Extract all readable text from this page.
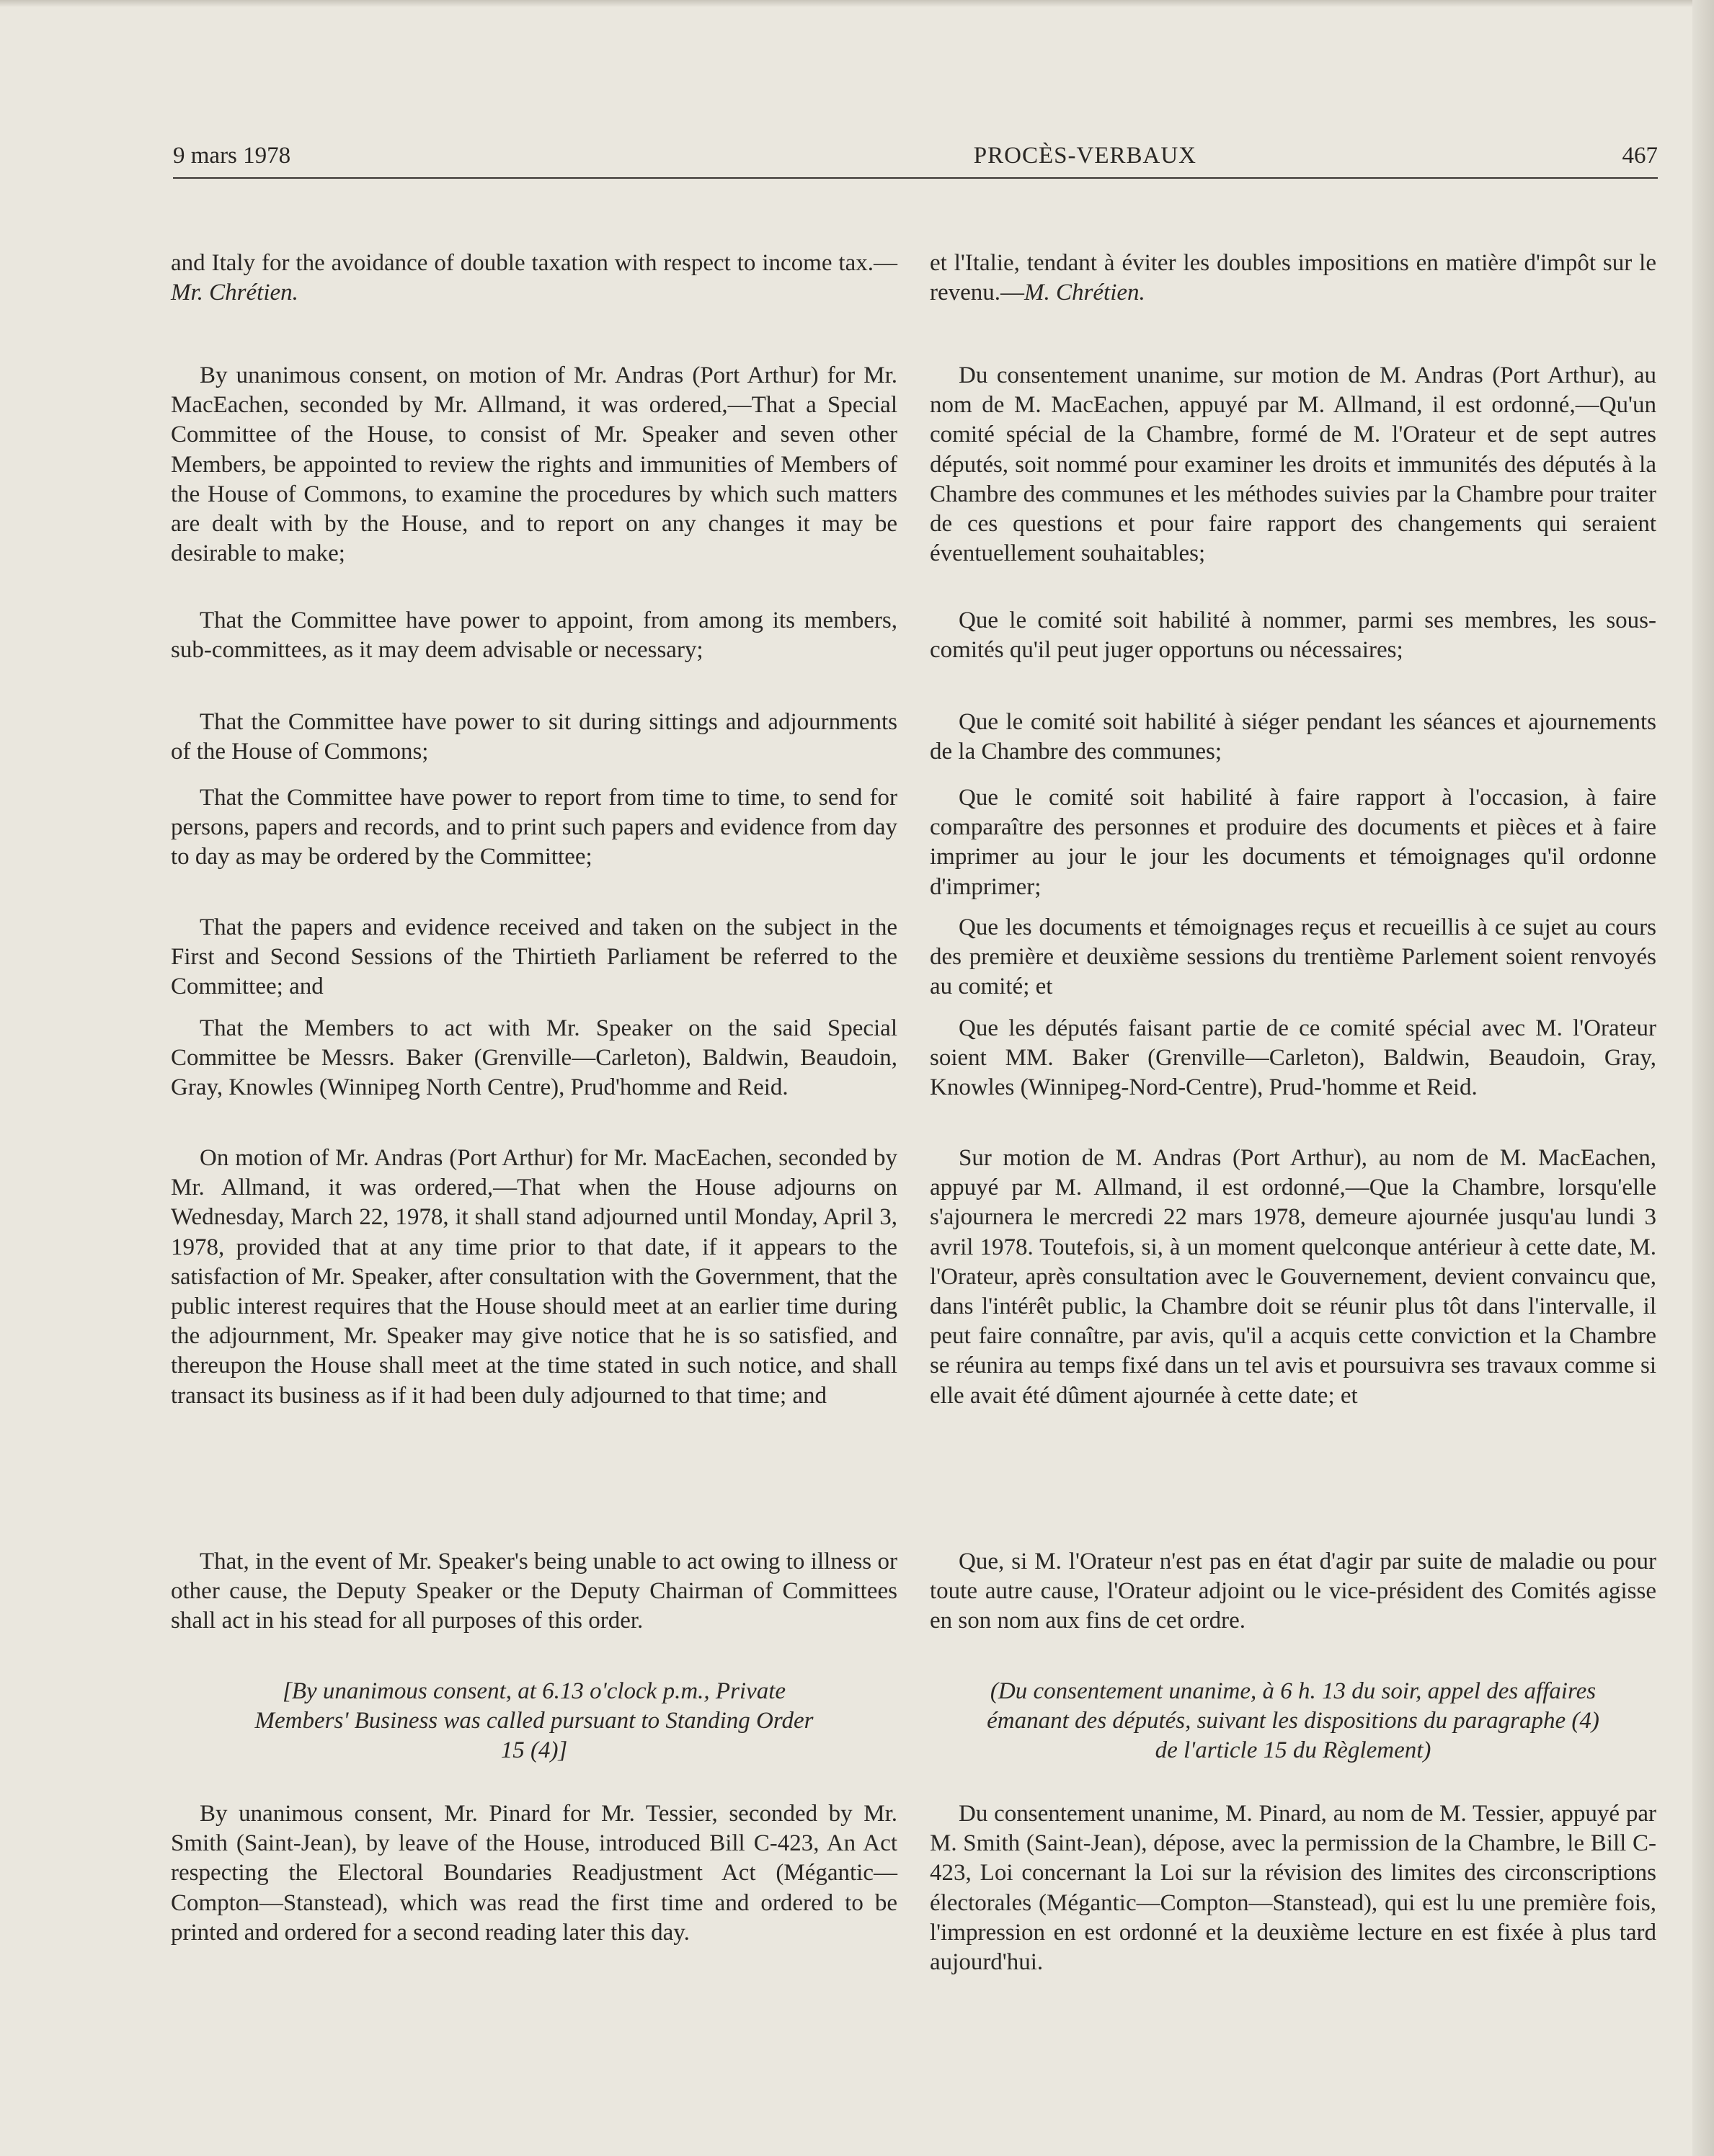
9 mars 1978	PROCÈS-VERBAUX	467

and Italy for the avoidance of double taxation with respect to income tax.—Mr. Chrétien.

By unanimous consent, on motion of Mr. Andras (Port Arthur) for Mr. MacEachen, seconded by Mr. Allmand, it was ordered,—That a Special Committee of the House, to consist of Mr. Speaker and seven other Members, be appointed to review the rights and immunities of Members of the House of Commons, to examine the procedures by which such matters are dealt with by the House, and to report on any changes it may be desirable to make;

That the Committee have power to appoint, from among its members, sub-committees, as it may deem advisable or necessary;

That the Committee have power to sit during sittings and adjournments of the House of Commons;

That the Committee have power to report from time to time, to send for persons, papers and records, and to print such papers and evidence from day to day as may be ordered by the Committee;

That the papers and evidence received and taken on the subject in the First and Second Sessions of the Thirtieth Parliament be referred to the Committee; and

That the Members to act with Mr. Speaker on the said Special Committee be Messrs. Baker (Grenville—Carleton), Baldwin, Beaudoin, Gray, Knowles (Winnipeg North Centre), Prud'homme and Reid.

On motion of Mr. Andras (Port Arthur) for Mr. MacEachen, seconded by Mr. Allmand, it was ordered,—That when the House adjourns on Wednesday, March 22, 1978, it shall stand adjourned until Monday, April 3, 1978, provided that at any time prior to that date, if it appears to the satisfaction of Mr. Speaker, after consultation with the Government, that the public interest requires that the House should meet at an earlier time during the adjournment, Mr. Speaker may give notice that he is so satisfied, and thereupon the House shall meet at the time stated in such notice, and shall transact its business as if it had been duly adjourned to that time; and

That, in the event of Mr. Speaker's being unable to act owing to illness or other cause, the Deputy Speaker or the Deputy Chairman of Committees shall act in his stead for all purposes of this order.

[By unanimous consent, at 6.13 o'clock p.m., Private Members' Business was called pursuant to Standing Order 15 (4)]

By unanimous consent, Mr. Pinard for Mr. Tessier, seconded by Mr. Smith (Saint-Jean), by leave of the House, introduced Bill C-423, An Act respecting the Electoral Boundaries Readjustment Act (Mégantic—Compton—Stanstead), which was read the first time and ordered to be printed and ordered for a second reading later this day.

et l'Italie, tendant à éviter les doubles impositions en matière d'impôt sur le revenu.—M. Chrétien.

Du consentement unanime, sur motion de M. Andras (Port Arthur), au nom de M. MacEachen, appuyé par M. Allmand, il est ordonné,—Qu'un comité spécial de la Chambre, formé de M. l'Orateur et de sept autres députés, soit nommé pour examiner les droits et immunités des députés à la Chambre des communes et les méthodes suivies par la Chambre pour traiter de ces questions et pour faire rapport des changements qui seraient éventuellement souhaitables;

Que le comité soit habilité à nommer, parmi ses membres, les sous-comités qu'il peut juger opportuns ou nécessaires;

Que le comité soit habilité à siéger pendant les séances et ajournements de la Chambre des communes;

Que le comité soit habilité à faire rapport à l'occasion, à faire comparaître des personnes et produire des documents et pièces et à faire imprimer au jour le jour les documents et témoignages qu'il ordonne d'imprimer;

Que les documents et témoignages reçus et recueillis à ce sujet au cours des première et deuxième sessions du trentième Parlement soient renvoyés au comité; et

Que les députés faisant partie de ce comité spécial avec M. l'Orateur soient MM. Baker (Grenville—Carleton), Baldwin, Beaudoin, Gray, Knowles (Winnipeg-Nord-Centre), Prud-'homme et Reid.

Sur motion de M. Andras (Port Arthur), au nom de M. MacEachen, appuyé par M. Allmand, il est ordonné,—Que la Chambre, lorsqu'elle s'ajournera le mercredi 22 mars 1978, demeure ajournée jusqu'au lundi 3 avril 1978. Toutefois, si, à un moment quelconque antérieur à cette date, M. l'Orateur, après consultation avec le Gouvernement, devient convaincu que, dans l'intérêt public, la Chambre doit se réunir plus tôt dans l'intervalle, il peut faire connaître, par avis, qu'il a acquis cette conviction et la Chambre se réunira au temps fixé dans un tel avis et poursuivra ses travaux comme si elle avait été dûment ajournée à cette date; et

Que, si M. l'Orateur n'est pas en état d'agir par suite de maladie ou pour toute autre cause, l'Orateur adjoint ou le vice-président des Comités agisse en son nom aux fins de cet ordre.

(Du consentement unanime, à 6 h. 13 du soir, appel des affaires émanant des députés, suivant les dispositions du paragraphe (4) de l'article 15 du Règlement)

Du consentement unanime, M. Pinard, au nom de M. Tessier, appuyé par M. Smith (Saint-Jean), dépose, avec la permission de la Chambre, le Bill C-423, Loi concernant la Loi sur la révision des limites des circonscriptions électorales (Mégantic—Compton—Stanstead), qui est lu une première fois, l'impression en est ordonné et la deuxième lecture en est fixée à plus tard aujourd'hui.
